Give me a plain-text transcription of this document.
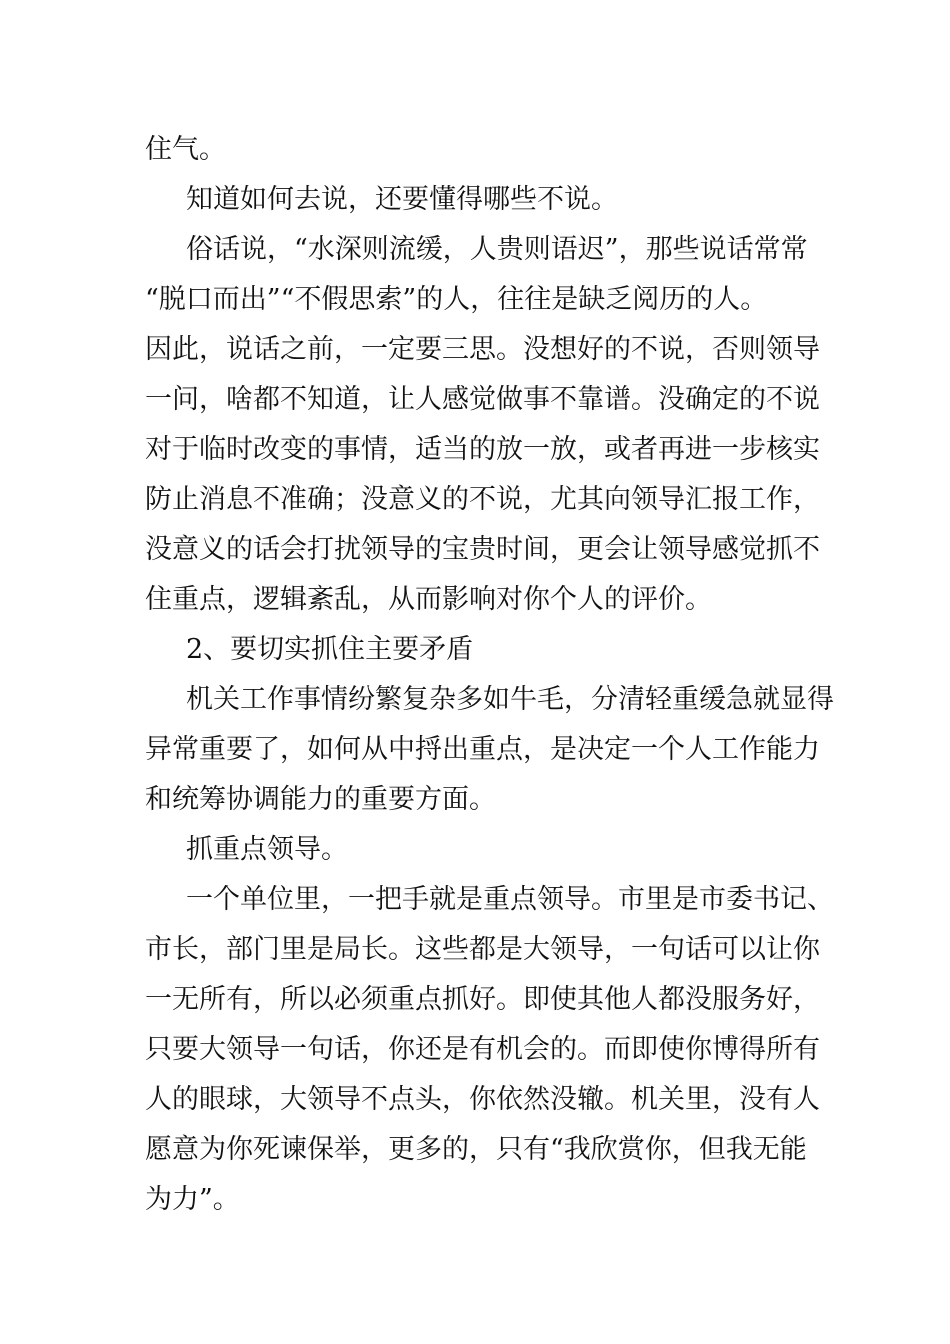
住气。
知道如何去说，还要懂得哪些不说。
俗话说，“水深则流缓，人贵则语迟”，那些说话常常
“脱口而出”“不假思索”的人，往往是缺乏阅历的人。
因此，说话之前，一定要三思。没想好的不说，否则领导
一问，啥都不知道，让人感觉做事不靠谱。没确定的不说
对于临时改变的事情，适当的放一放，或者再进一步核实
防止消息不准确；没意义的不说，尤其向领导汇报工作，
没意义的话会打扰领导的宝贵时间，更会让领导感觉抓不
住重点，逻辑紊乱，从而影响对你个人的评价。
2、要切实抓住主要矛盾
机关工作事情纷繁复杂多如牛毛，分清轻重缓急就显得
异常重要了，如何从中捋出重点，是决定一个人工作能力
和统筹协调能力的重要方面。
抓重点领导。
一个单位里，一把手就是重点领导。市里是市委书记、
市长，部门里是局长。这些都是大领导，一句话可以让你
一无所有，所以必须重点抓好。即使其他人都没服务好，
只要大领导一句话，你还是有机会的。而即使你博得所有
人的眼球，大领导不点头，你依然没辙。机关里，没有人
愿意为你死谏保举，更多的，只有“我欣赏你，但我无能
为力”。
